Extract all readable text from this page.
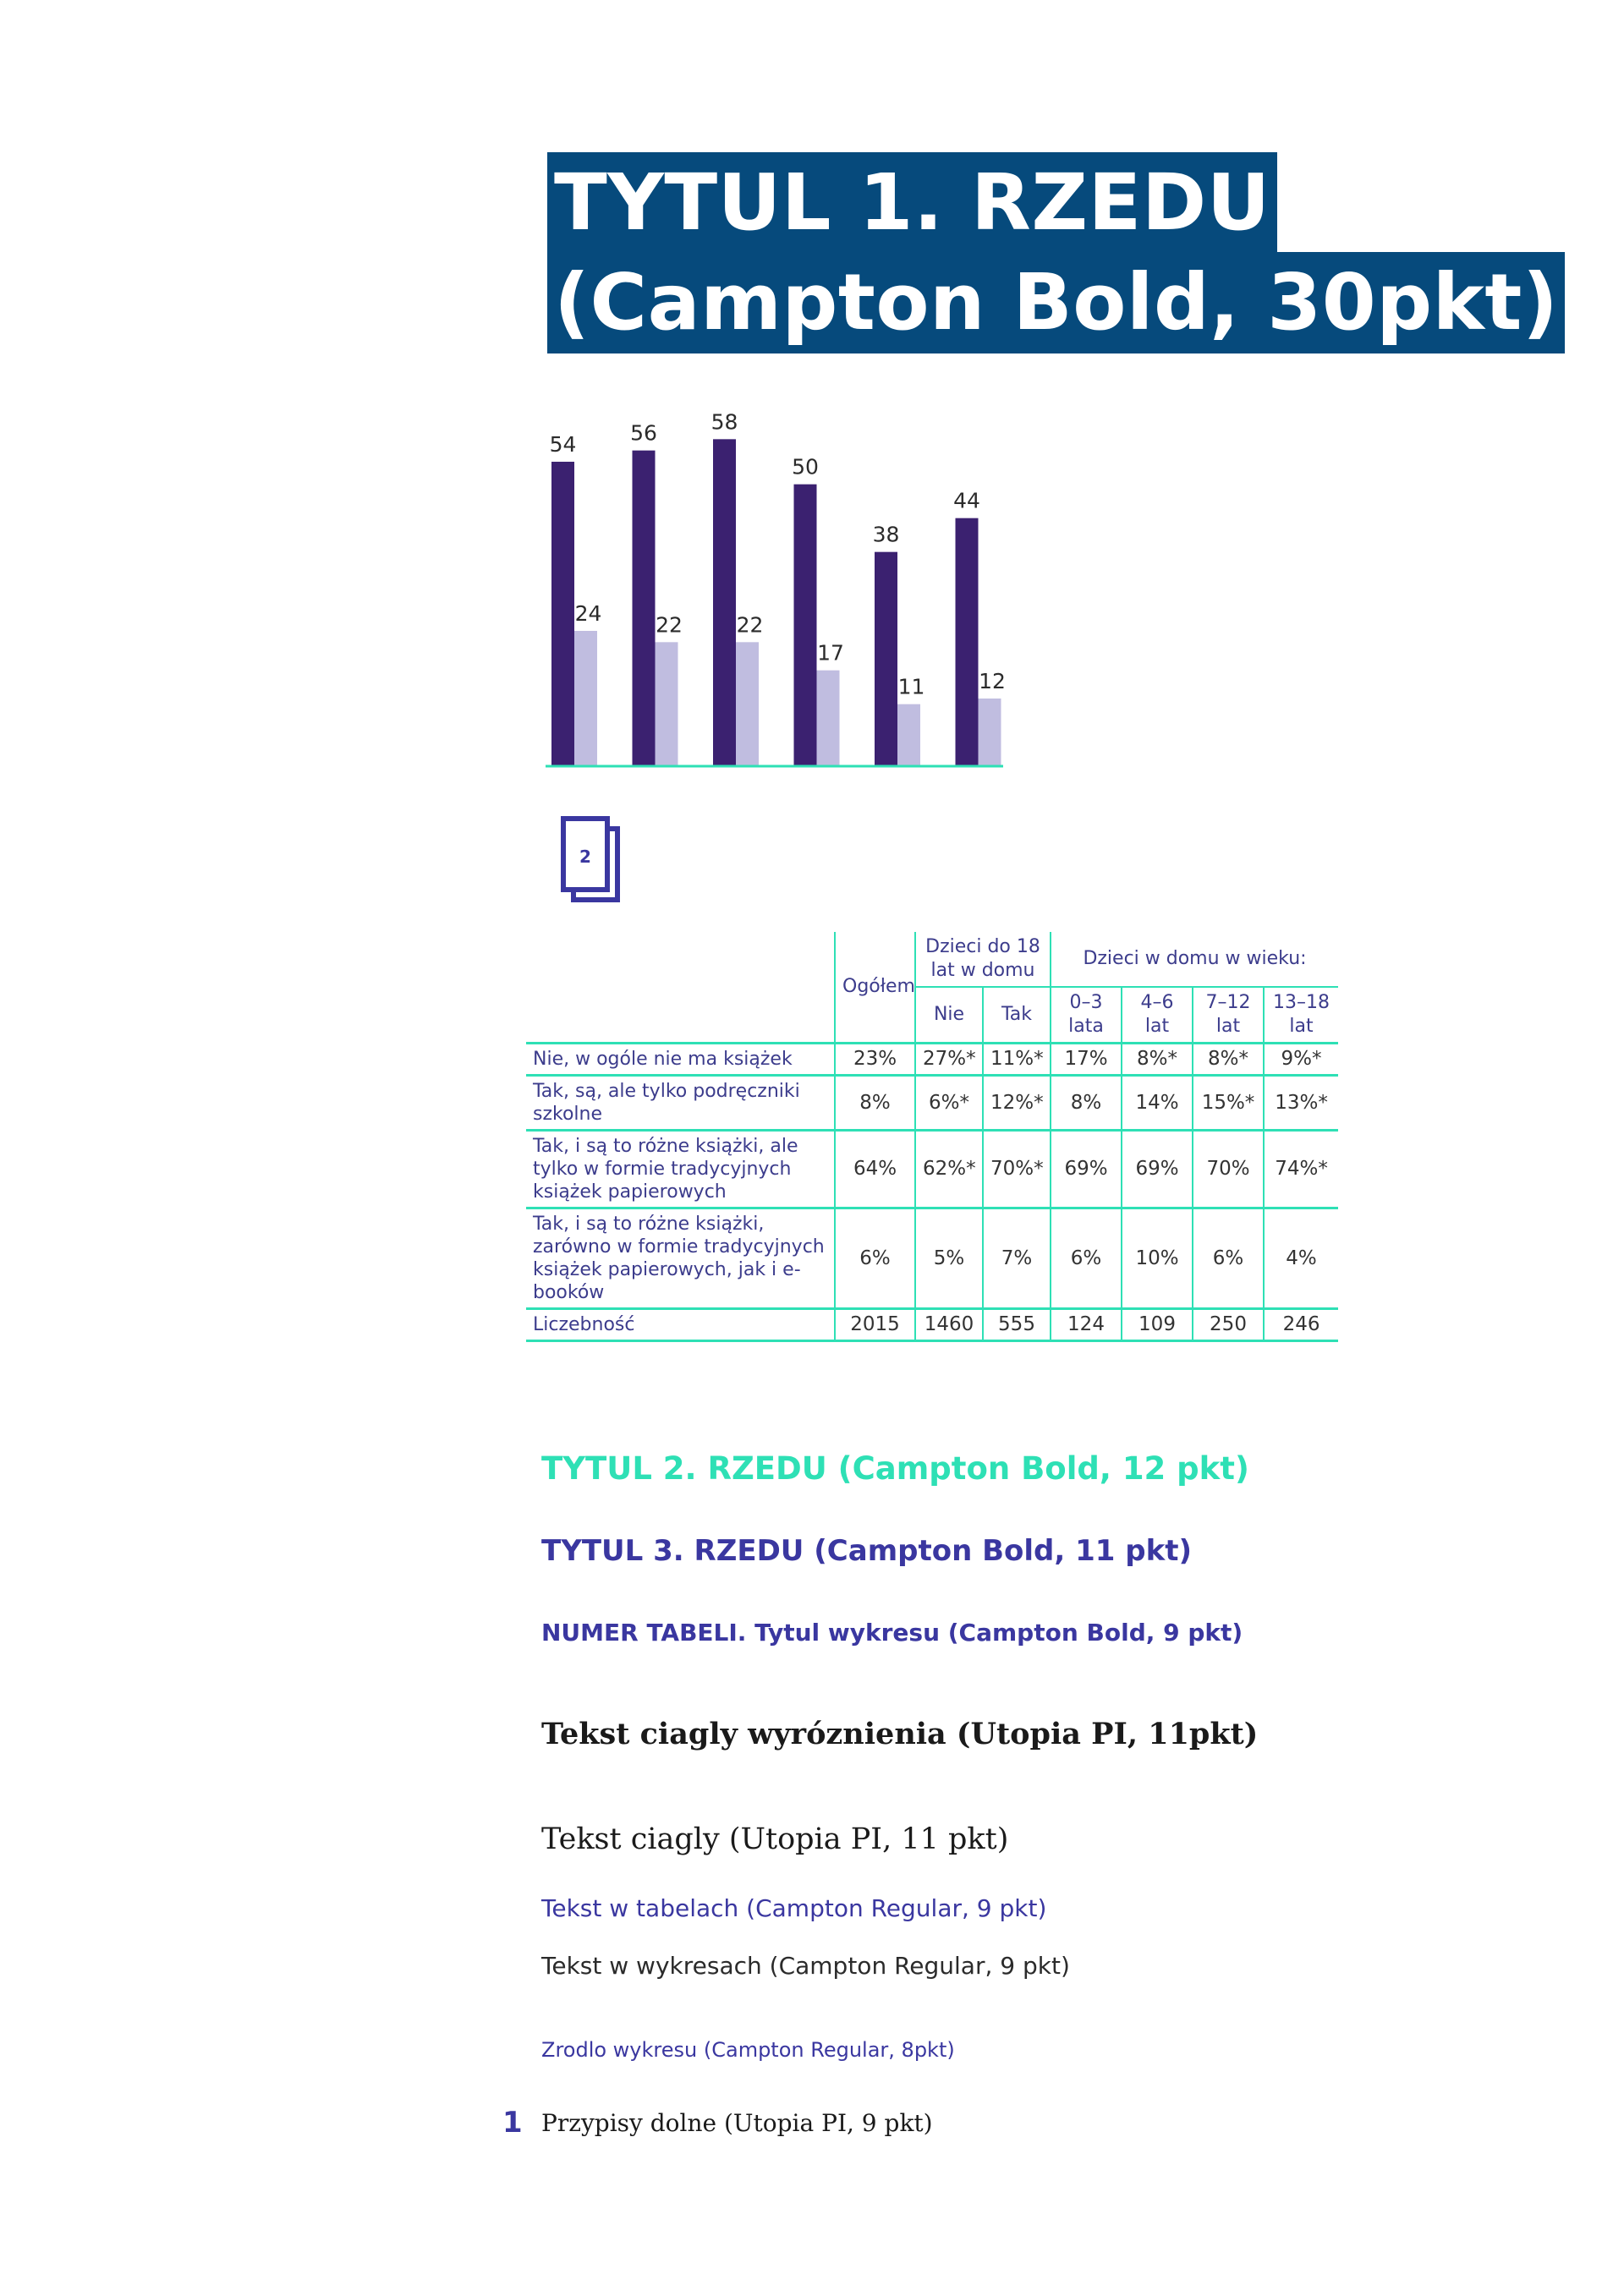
TYTUL 1. RZEDU
(Campton Bold, 30pkt)
54	56	58
50
38
44
24	22	22
17
11	12
2
	Ogółem	Dzieci do 18 lat w domu		Dzieci w domu w wieku:			
		Nie	Tak	0–3 lata	4–6 lat	7–12 lat	13–18 lat
Nie, w ogóle nie ma książek	23%	27%*	11%*	17%	8%*	8%*	9%*
Tak, są, ale tylko podręczniki szkolne	8%	6%*	12%*	8%	14%	15%*	13%*
Tak, i są to różne książki, ale tylko w formie tradycyjnych książek papierowych	64%	62%*	70%*	69%	69%	70%	74%*
Tak, i są to różne książki, zarówno w formie tradycyjnych książek papierowych, jak i e-booków	6%	5%	7%	6%	10%	6%	4%
Liczebność	2015	1460	555	124	109	250	246
TYTUL 2. RZEDU (Campton Bold, 12 pkt)
TYTUL 3. RZEDU (Campton Bold, 11 pkt)
NUMER TABELI. Tytul wykresu (Campton Bold, 9 pkt)
Tekst ciagly wyróznienia (Utopia PI, 11pkt)
Tekst ciagly (Utopia PI, 11 pkt)
Tekst w tabelach (Campton Regular, 9 pkt)
Tekst w wykresach (Campton Regular, 9 pkt)
Zrodlo wykresu (Campton Regular, 8pkt)
1 Przypisy dolne (Utopia PI, 9 pkt)
